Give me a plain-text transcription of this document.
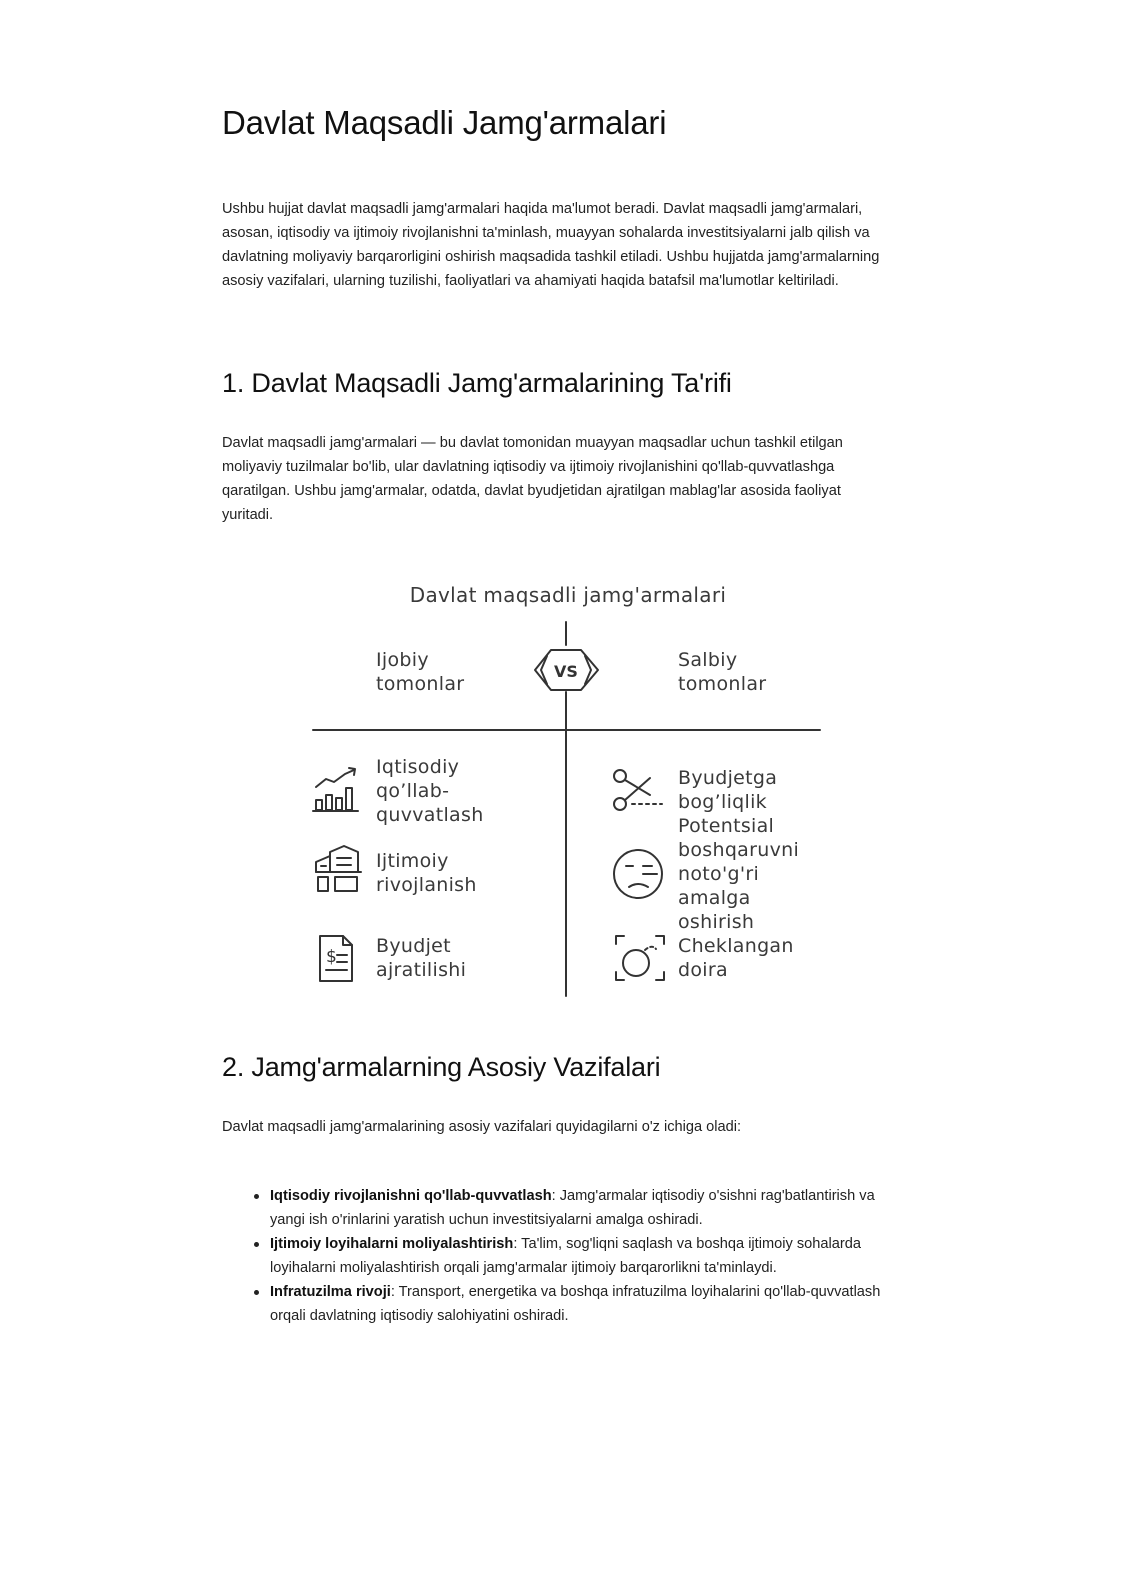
Davlat Maqsadli Jamg'armalari

Ushbu hujjat davlat maqsadli jamg'armalari haqida ma'lumot beradi. Davlat maqsadli jamg'armalari, asosan, iqtisodiy va ijtimoiy rivojlanishni ta'minlash, muayyan sohalarda investitsiyalarni jalb qilish va davlatning moliyaviy barqarorligini oshirish maqsadida tashkil etiladi. Ushbu hujjatda jamg'armalarning asosiy vazifalari, ularning tuzilishi, faoliyatlari va ahamiyati haqida batafsil ma'lumotlar keltiriladi.

1. Davlat Maqsadli Jamg'armalarining Ta'rifi

Davlat maqsadli jamg'armalari — bu davlat tomonidan muayyan maqsadlar uchun tashkil etilgan moliyaviy tuzilmalar bo'lib, ular davlatning iqtisodiy va ijtimoiy rivojlanishini qo'llab-quvvatlashga qaratilgan. Ushbu jamg'armalar, odatda, davlat byudjetidan ajratilgan mablag'lar asosida faoliyat yuritadi.

2. Jamg'armalarning Asosiy Vazifalari

Davlat maqsadli jamg'armalarining asosiy vazifalari quyidagilarni o'z ichiga oladi:

Iqtisodiy rivojlanishni qo'llab-quvvatlash: Jamg'armalar iqtisodiy o'sishni rag'batlantirish va yangi ish o'rinlarini yaratish uchun investitsiyalarni amalga oshiradi.
Ijtimoiy loyihalarni moliyalashtirish: Ta'lim, sog'liqni saqlash va boshqa ijtimoiy sohalarda loyihalarni moliyalashtirish orqali jamg'armalar ijtimoiy barqarorlikni ta'minlaydi.
Infratuzilma rivoji: Transport, energetika va boshqa infratuzilma loyihalarini qo'llab-quvvatlash orqali davlatning iqtisodiy salohiyatini oshiradi.
Davlat maqsadli jamg'armalari
VS
Ijobiy tomonlar
Salbiy tomonlar
Iqtisodiy qo’llab- quvvatlash
Ijtimoiy rivojlanish
$ Byudjet ajratilishi
Byudjetga bog’liqlik
Potentsial boshqaruvni noto'g'ri amalga oshirish
Cheklangan doira
